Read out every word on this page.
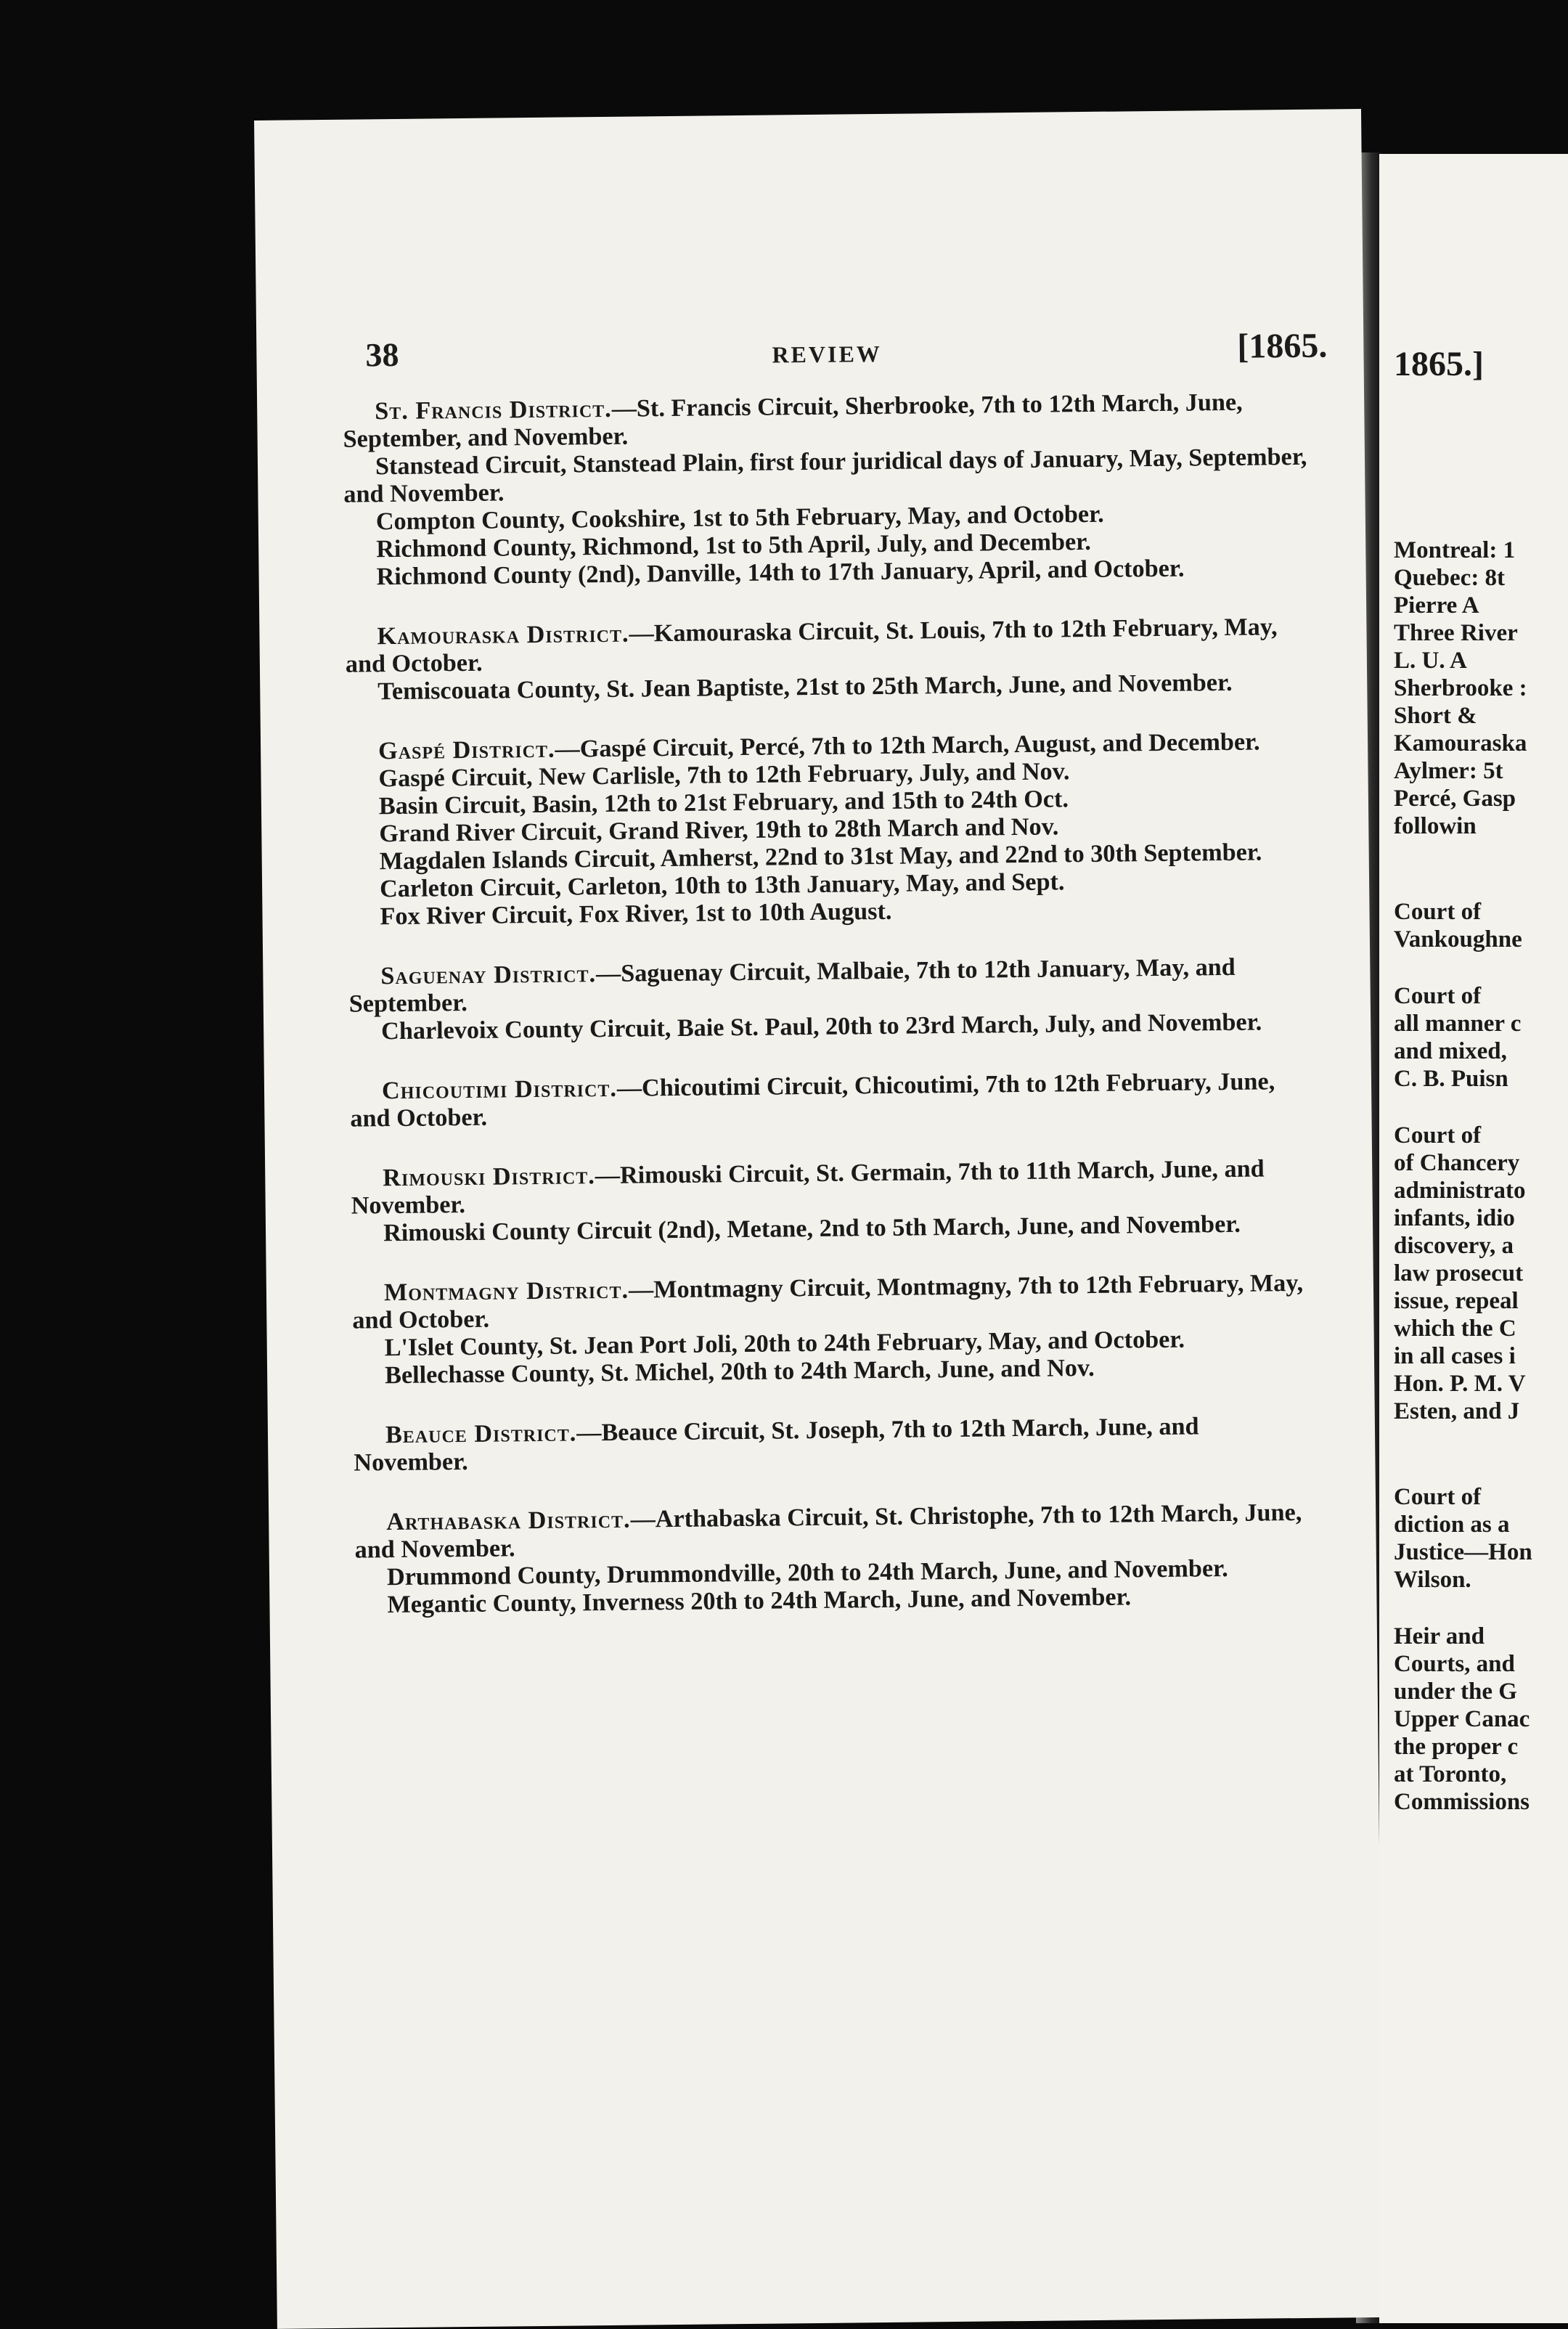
38	REVIEW	[1865.

St. Francis District.—St. Francis Circuit, Sherbrooke, 7th to 12th March, June, September, and November.

Stanstead Circuit, Stanstead Plain, first four juridical days of January, May, September, and November.

Compton County, Cookshire, 1st to 5th February, May, and October.

Richmond County, Richmond, 1st to 5th April, July, and December.

Richmond County (2nd), Danville, 14th to 17th January, April, and October.

Kamouraska District.—Kamouraska Circuit, St. Louis, 7th to 12th February, May, and October.

Temiscouata County, St. Jean Baptiste, 21st to 25th March, June, and November.

Gaspé District.—Gaspé Circuit, Percé, 7th to 12th March, August, and December.

Gaspé Circuit, New Carlisle, 7th to 12th February, July, and Nov.

Basin Circuit, Basin, 12th to 21st February, and 15th to 24th Oct.

Grand River Circuit, Grand River, 19th to 28th March and Nov.

Magdalen Islands Circuit, Amherst, 22nd to 31st May, and 22nd to 30th September.

Carleton Circuit, Carleton, 10th to 13th January, May, and Sept.

Fox River Circuit, Fox River, 1st to 10th August.

Saguenay District.—Saguenay Circuit, Malbaie, 7th to 12th January, May, and September.

Charlevoix County Circuit, Baie St. Paul, 20th to 23rd March, July, and November.

Chicoutimi District.—Chicoutimi Circuit, Chicoutimi, 7th to 12th February, June, and October.

Rimouski District.—Rimouski Circuit, St. Germain, 7th to 11th March, June, and November.

Rimouski County Circuit (2nd), Metane, 2nd to 5th March, June, and November.

Montmagny District.—Montmagny Circuit, Montmagny, 7th to 12th February, May, and October.

L'Islet County, St. Jean Port Joli, 20th to 24th February, May, and October.

Bellechasse County, St. Michel, 20th to 24th March, June, and Nov.

Beauce District.—Beauce Circuit, St. Joseph, 7th to 12th March, June, and November.

Arthabaska District.—Arthabaska Circuit, St. Christophe, 7th to 12th March, June, and November.

Drummond County, Drummondville, 20th to 24th March, June, and November.

Megantic County, Inverness 20th to 24th March, June, and November.

1865.]
Montreal: 1
Quebec: 8t
Pierre A
Three River
L. U. A
Sherbrooke :
Short &
Kamouraska
Aylmer: 5t
Percé, Gasp
followin
Court of
Vankoughne
Court of
all manner c
and mixed,
C. B. Puisn
Court of
of Chancery
administrato
infants, idio
discovery, a
law prosecut
issue, repeal
which the C
in all cases i
Hon. P. M. V
Esten, and J
Court of
diction as a
Justice—Hon
Wilson.
Heir and
Courts, and
under the G
Upper Canac
the proper c
at Toronto,
Commissions
